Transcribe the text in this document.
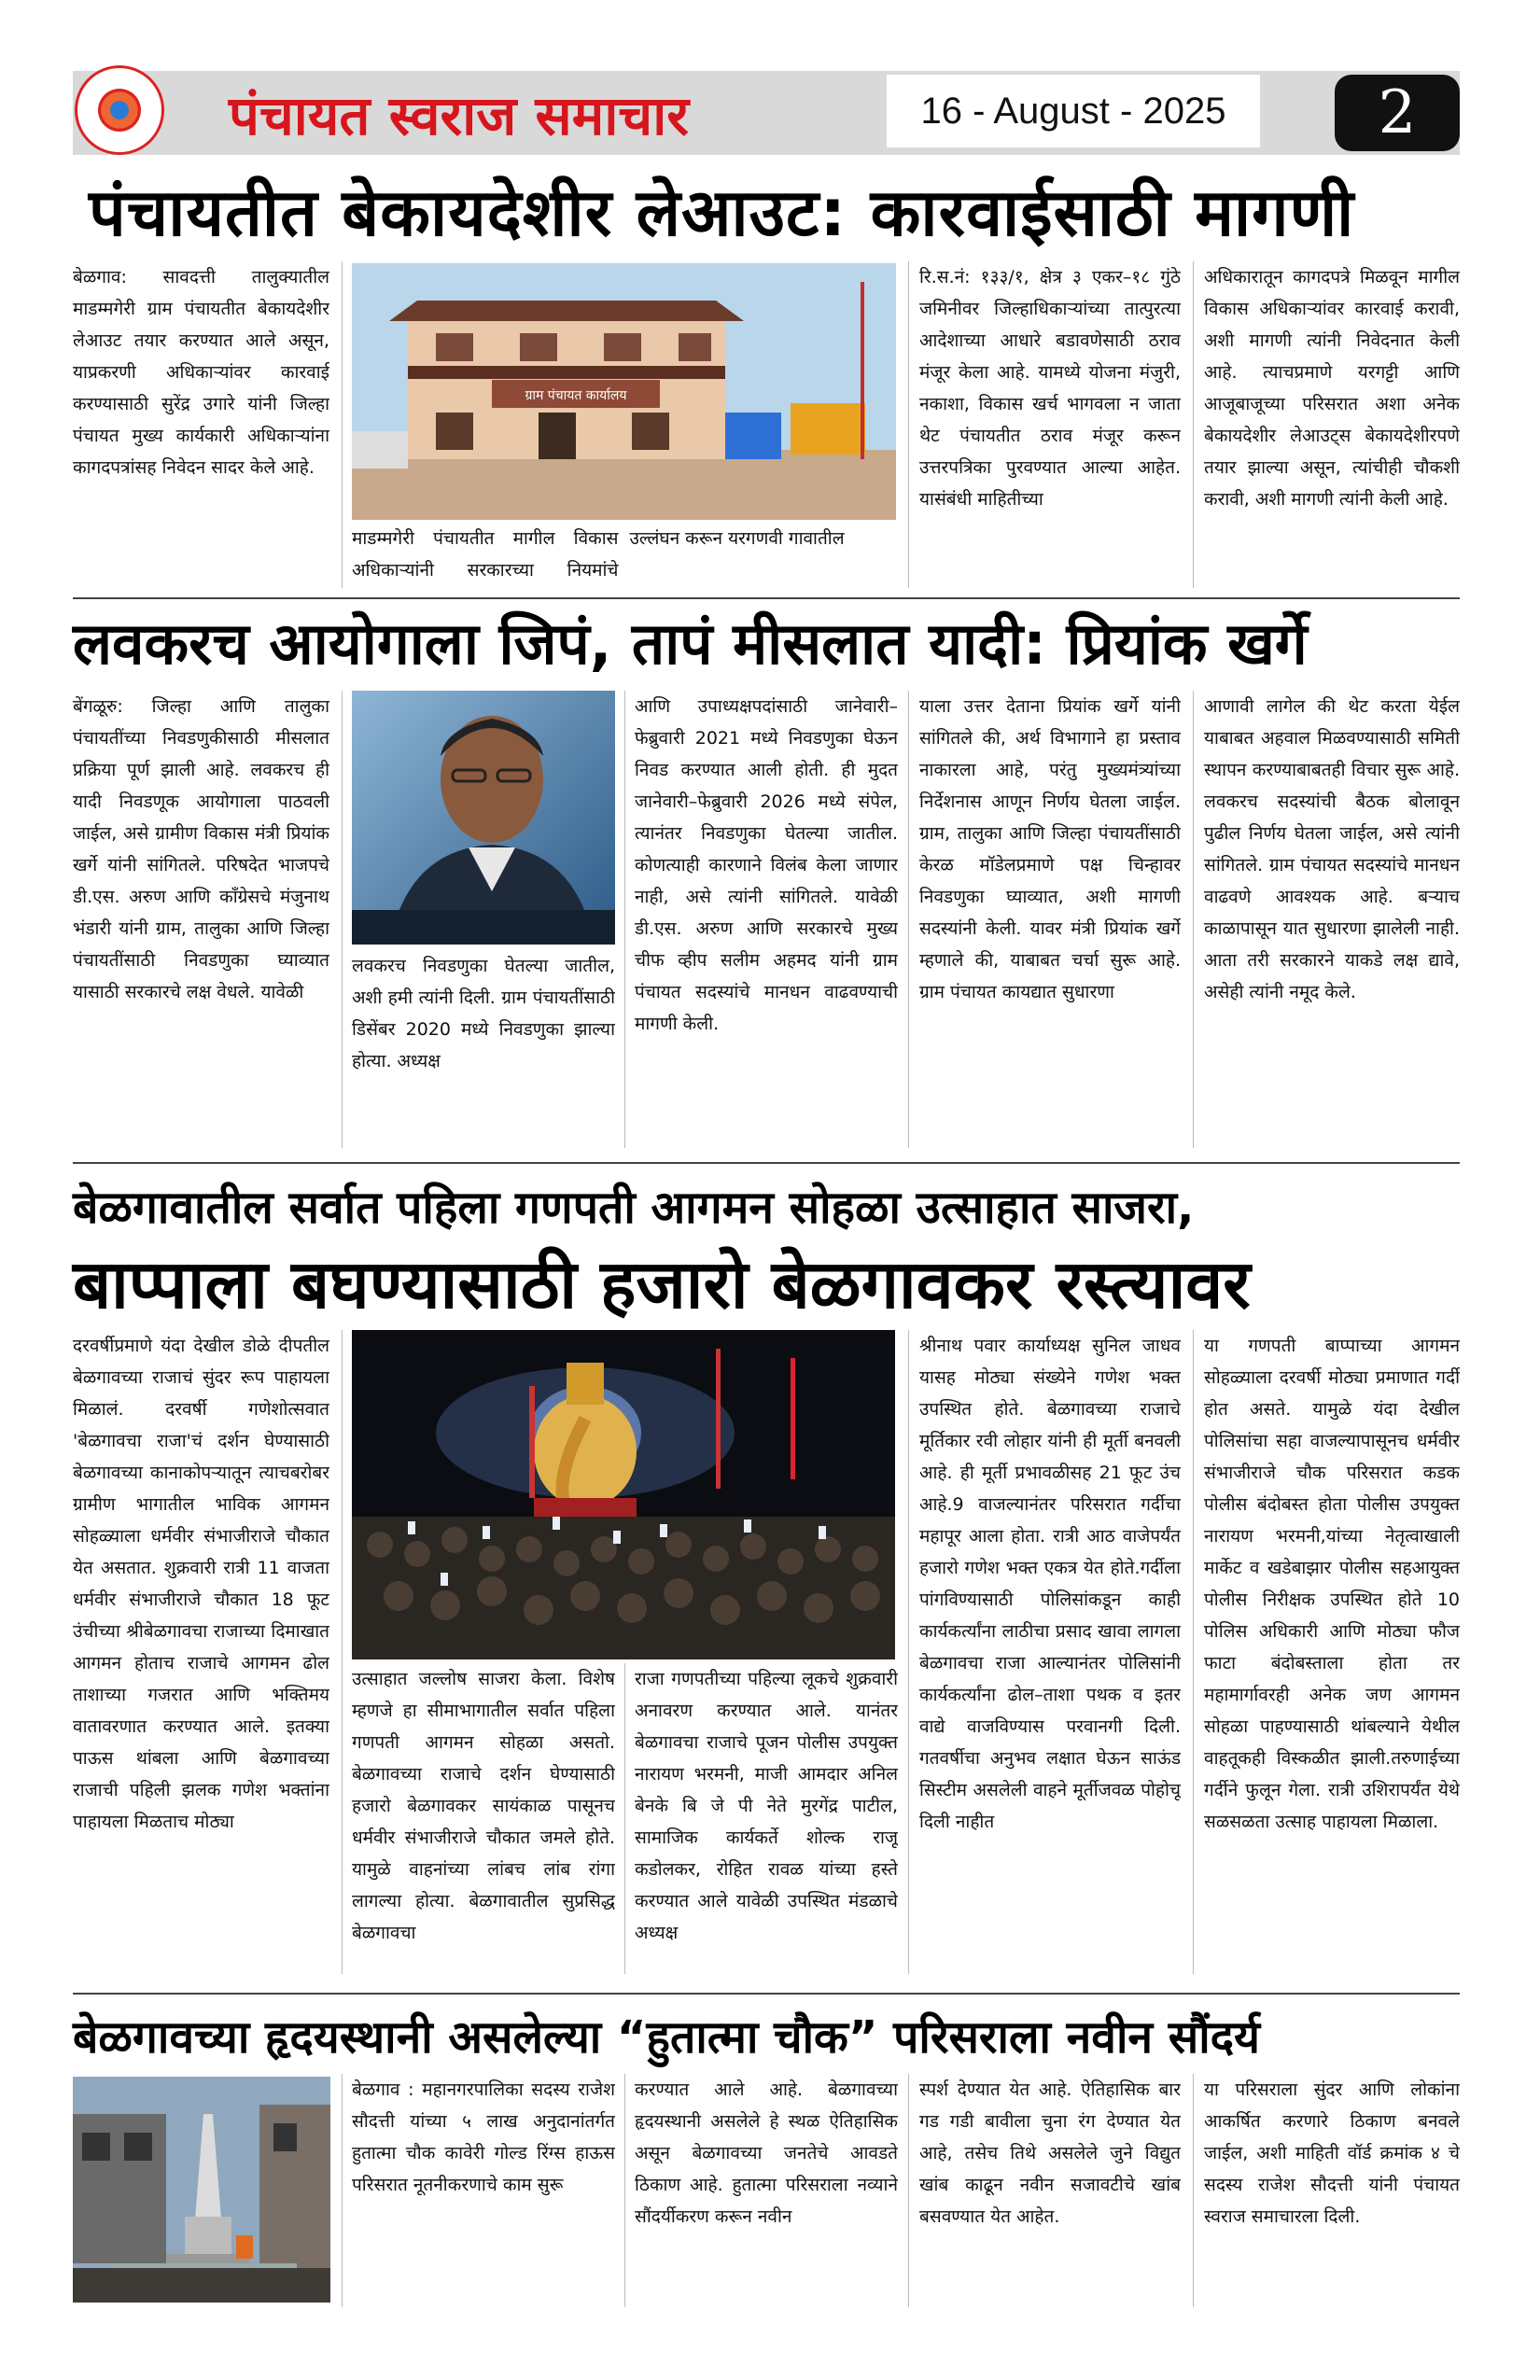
पंचायत स्वराज समाचार	16 - August - 2025	2
पंचायतीत बेकायदेशीर लेआउट: कारवाईसाठी मागणी
बेळगाव: सावदत्ती तालुक्यातील माडम्मगेरी ग्राम पंचायतीत बेकायदेशीर लेआउट तयार करण्यात आले असून, याप्रकरणी अधिकाऱ्यांवर कारवाई करण्यासाठी सुरेंद्र उगारे यांनी जिल्हा पंचायत मुख्य कार्यकारी अधिकाऱ्यांना कागदपत्रांसह निवेदन सादर केले आहे.
ग्राम पंचायत कार्यालय
माडम्मगेरी पंचायतीत मागील विकास अधिकाऱ्यांनी सरकारच्या नियमांचे उल्लंघन करून यरगणवी गावातील
रि.स.नं: १३३/१, क्षेत्र ३ एकर–१८ गुंठे जमिनीवर जिल्हाधिकाऱ्यांच्या तात्पुरत्या आदेशाच्या आधारे बडावणेसाठी ठराव मंजूर केला आहे. यामध्ये योजना मंजुरी, नकाशा, विकास खर्च भागवला न जाता थेट पंचायतीत ठराव मंजूर करून उत्तरपत्रिका पुरवण्यात आल्या आहेत. यासंबंधी माहितीच्या
अधिकारातून कागदपत्रे मिळवून मागील विकास अधिकाऱ्यांवर कारवाई करावी, अशी मागणी त्यांनी निवेदनात केली आहे. त्याचप्रमाणे यरगट्टी आणि आजूबाजूच्या परिसरात अशा अनेक बेकायदेशीर लेआउट्स बेकायदेशीरपणे तयार झाल्या असून, त्यांचीही चौकशी करावी, अशी मागणी त्यांनी केली आहे.
लवकरच आयोगाला जिपं, तापं मीसलात यादी: प्रियांक खर्गे
बेंगळूरु: जिल्हा आणि तालुका पंचायतींच्या निवडणुकीसाठी मीसलात प्रक्रिया पूर्ण झाली आहे. लवकरच ही यादी निवडणूक आयोगाला पाठवली जाईल, असे ग्रामीण विकास मंत्री प्रियांक खर्गे यांनी सांगितले. परिषदेत भाजपचे डी.एस. अरुण आणि काँग्रेसचे मंजुनाथ भंडारी यांनी ग्राम, तालुका आणि जिल्हा पंचायतींसाठी निवडणुका घ्याव्यात यासाठी सरकारचे लक्ष वेधले. यावेळी
लवकरच निवडणुका घेतल्या जातील, अशी हमी त्यांनी दिली. ग्राम पंचायतींसाठी डिसेंबर 2020 मध्ये निवडणुका झाल्या होत्या. अध्यक्ष
आणि उपाध्यक्षपदांसाठी जानेवारी–फेब्रुवारी 2021 मध्ये निवडणुका घेऊन निवड करण्यात आली होती. ही मुदत जानेवारी–फेब्रुवारी 2026 मध्ये संपेल, त्यानंतर निवडणुका घेतल्या जातील. कोणत्याही कारणाने विलंब केला जाणार नाही, असे त्यांनी सांगितले. यावेळी डी.एस. अरुण आणि सरकारचे मुख्य चीफ व्हीप सलीम अहमद यांनी ग्राम पंचायत सदस्यांचे मानधन वाढवण्याची मागणी केली.
याला उत्तर देताना प्रियांक खर्गे यांनी सांगितले की, अर्थ विभागाने हा प्रस्ताव नाकारला आहे, परंतु मुख्यमंत्र्यांच्या निर्देशनास आणून निर्णय घेतला जाईल. ग्राम, तालुका आणि जिल्हा पंचायतींसाठी केरळ मॉडेलप्रमाणे पक्ष चिन्हावर निवडणुका घ्याव्यात, अशी मागणी सदस्यांनी केली. यावर मंत्री प्रियांक खर्गे म्हणाले की, याबाबत चर्चा सुरू आहे. ग्राम पंचायत कायद्यात सुधारणा
आणावी लागेल की थेट करता येईल याबाबत अहवाल मिळवण्यासाठी समिती स्थापन करण्याबाबतही विचार सुरू आहे. लवकरच सदस्यांची बैठक बोलावून पुढील निर्णय घेतला जाईल, असे त्यांनी सांगितले. ग्राम पंचायत सदस्यांचे मानधन वाढवणे आवश्यक आहे. बऱ्याच काळापासून यात सुधारणा झालेली नाही. आता तरी सरकारने याकडे लक्ष द्यावे, असेही त्यांनी नमूद केले.
बेळगावातील सर्वात पहिला गणपती आगमन सोहळा उत्साहात साजरा,
बाप्पाला बघण्यासाठी हजारो बेळगावकर रस्त्यावर
दरवर्षीप्रमाणे यंदा देखील डोळे दीपतील बेळगावच्या राजाचं सुंदर रूप पाहायला मिळालं. दरवर्षी गणेशोत्सवात 'बेळगावचा राजा'चं दर्शन घेण्यासाठी बेळगावच्या कानाकोपऱ्यातून त्याचबरोबर ग्रामीण भागातील भाविक आगमन सोहळ्याला धर्मवीर संभाजीराजे चौकात येत असतात. शुक्रवारी रात्री 11 वाजता धर्मवीर संभाजीराजे चौकात 18 फूट उंचीच्या श्रीबेळगावचा राजाच्या दिमाखात आगमन होताच राजाचे आगमन ढोल ताशाच्या गजरात आणि भक्तिमय वातावरणात करण्यात आले. इतक्या पाऊस थांबला आणि बेळगावच्या राजाची पहिली झलक गणेश भक्तांना पाहायला मिळताच मोठ्या
उत्साहात जल्लोष साजरा केला. विशेष म्हणजे हा सीमाभागातील सर्वात पहिला गणपती आगमन सोहळा असतो. बेळगावच्या राजाचे दर्शन घेण्यासाठी हजारो बेळगावकर सायंकाळ पासूनच धर्मवीर संभाजीराजे चौकात जमले होते. यामुळे वाहनांच्या लांबच लांब रांगा लागल्या होत्या. बेळगावातील सुप्रसिद्ध बेळगावचा
राजा गणपतीच्या पहिल्या लूकचे शुक्रवारी अनावरण करण्यात आले. यानंतर बेळगावचा राजाचे पूजन पोलीस उपयुक्त नारायण भरमनी, माजी आमदार अनिल बेनके बि जे पी नेते मुरगेंद्र पाटील, सामाजिक कार्यकर्ते शोल्क राजू कडोलकर, रोहित रावळ यांच्या हस्ते करण्यात आले यावेळी उपस्थित मंडळाचे अध्यक्ष
श्रीनाथ पवार कार्याध्यक्ष सुनिल जाधव यासह मोठ्या संख्येने गणेश भक्त उपस्थित होते. बेळगावच्या राजाचे मूर्तिकार रवी लोहार यांनी ही मूर्ती बनवली आहे. ही मूर्ती प्रभावळीसह 21 फूट उंच आहे.9 वाजल्यानंतर परिसरात गर्दीचा महापूर आला होता. रात्री आठ वाजेपर्यंत हजारो गणेश भक्त एकत्र येत होते.गर्दीला पांगविण्यासाठी पोलिसांकडून काही कार्यकर्त्यांना लाठीचा प्रसाद खावा लागला बेळगावचा राजा आल्यानंतर पोलिसांनी कार्यकर्त्यांना ढोल–ताशा पथक व इतर वाद्ये वाजविण्यास परवानगी दिली. गतवर्षीचा अनुभव लक्षात घेऊन साऊंड सिस्टीम असलेली वाहने मूर्तीजवळ पोहोचू दिली नाहीत
या गणपती बाप्पाच्या आगमन सोहळ्याला दरवर्षी मोठ्या प्रमाणात गर्दी होत असते. यामुळे यंदा देखील पोलिसांचा सहा वाजल्यापासूनच धर्मवीर संभाजीराजे चौक परिसरात कडक पोलीस बंदोबस्त होता पोलीस उपयुक्त नारायण भरमनी,यांच्या नेतृत्वाखाली मार्केट व खडेबाझार पोलीस सहआयुक्त पोलीस निरीक्षक उपस्थित होते 10 पोलिस अधिकारी आणि मोठ्या फौज फाटा बंदोबस्ताला होता तर महामार्गावरही अनेक जण आगमन सोहळा पाहण्यासाठी थांबल्याने येथील वाहतूकही विस्कळीत झाली.तरुणाईच्या गर्दीने फुलून गेला. रात्री उशिरापर्यंत येथे सळसळता उत्साह पाहायला मिळाला.
बेळगावच्या हृदयस्थानी असलेल्या “हुतात्मा चौक” परिसराला नवीन सौंदर्य
बेळगाव : महानगरपालिका सदस्य राजेश सौदत्ती यांच्या ५ लाख अनुदानांतर्गत हुतात्मा चौक कावेरी गोल्ड रिंग्स हाऊस परिसरात नूतनीकरणाचे काम सुरू
करण्यात आले आहे. बेळगावच्या हृदयस्थानी असलेले हे स्थळ ऐतिहासिक असून बेळगावच्या जनतेचे आवडते ठिकाण आहे. हुतात्मा परिसराला नव्याने सौंदर्यीकरण करून नवीन
स्पर्श देण्यात येत आहे. ऐतिहासिक बार गड गडी बावीला चुना रंग देण्यात येत आहे, तसेच तिथे असलेले जुने विद्युत खांब काढून नवीन सजावटीचे खांब बसवण्यात येत आहेत.
या परिसराला सुंदर आणि लोकांना आकर्षित करणारे ठिकाण बनवले जाईल, अशी माहिती वॉर्ड क्रमांक ४ चे सदस्य राजेश सौदत्ती यांनी पंचायत स्वराज समाचारला दिली.
